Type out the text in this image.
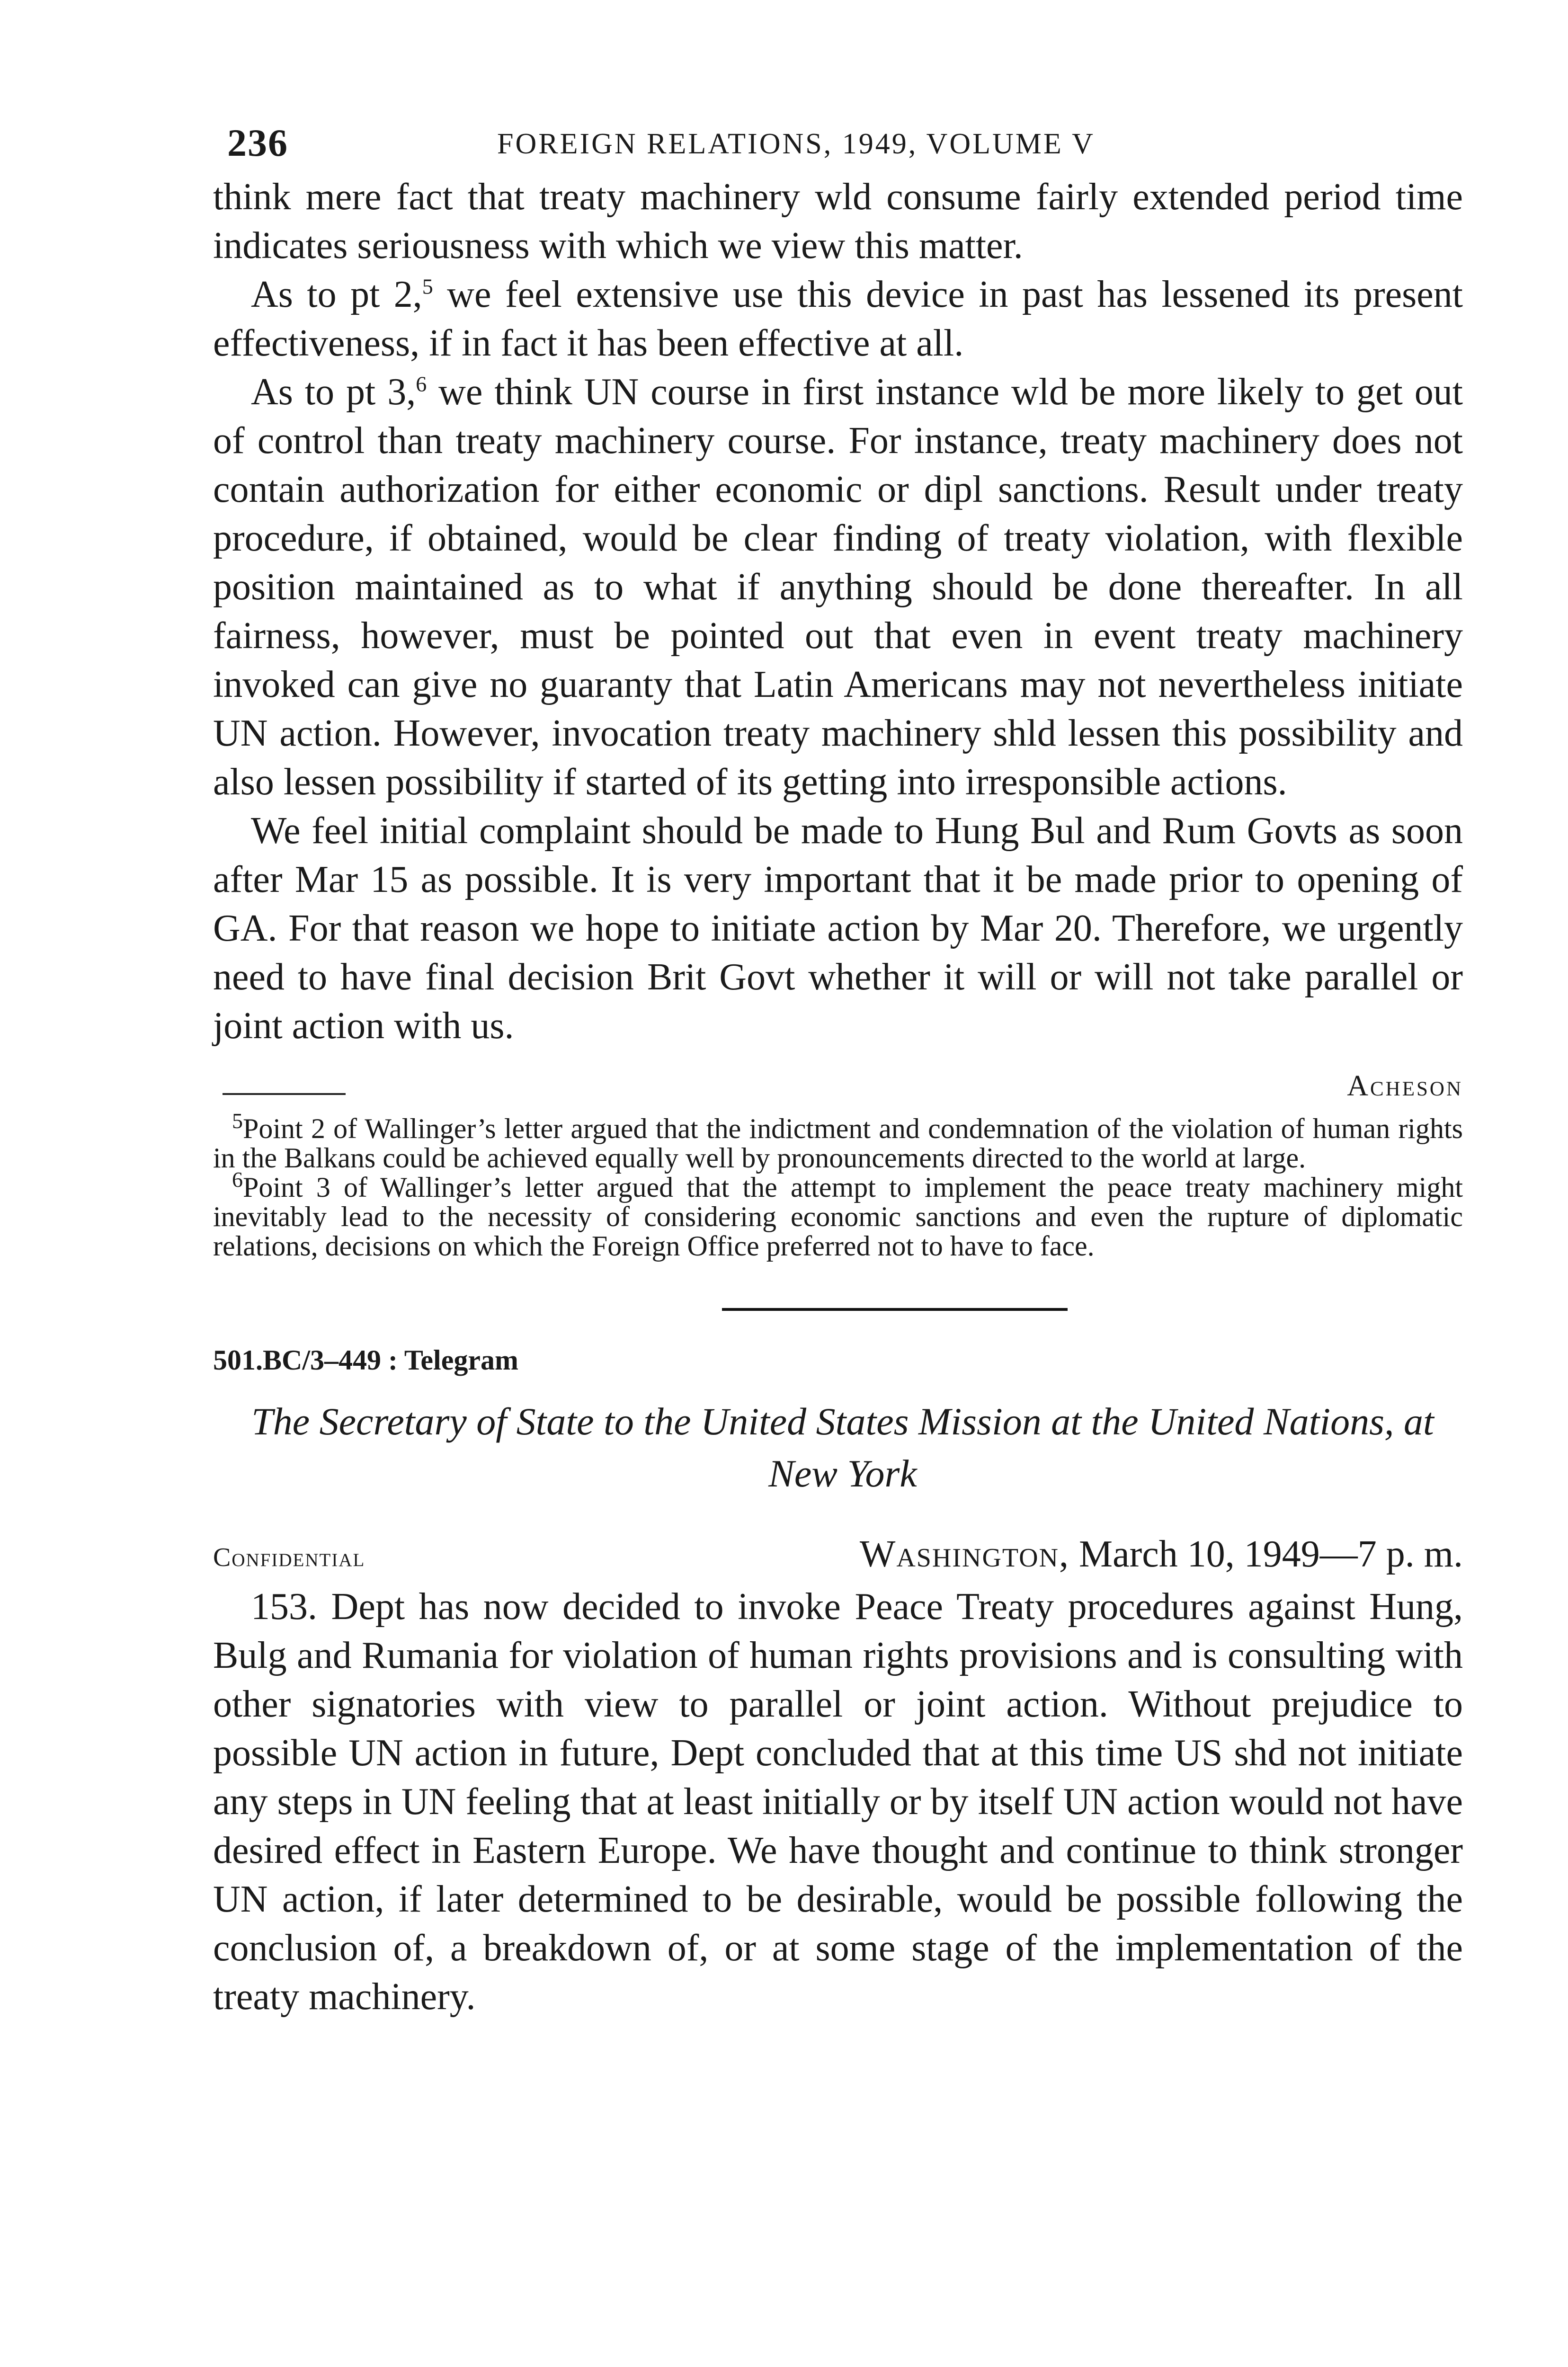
236	FOREIGN RELATIONS, 1949, VOLUME V

think mere fact that treaty machinery wld consume fairly extended period time indicates seriousness with which we view this matter.

As to pt 2,$^5$ we feel extensive use this device in past has lessened its present effectiveness, if in fact it has been effective at all.

As to pt 3,$^6$ we think UN course in first instance wld be more likely to get out of control than treaty machinery course. For instance, treaty machinery does not contain authorization for either economic or dipl sanctions. Result under treaty procedure, if obtained, would be clear finding of treaty violation, with flexible position maintained as to what if anything should be done thereafter. In all fairness, however, must be pointed out that even in event treaty machinery invoked can give no guaranty that Latin Americans may not nevertheless initiate UN action. However, invocation treaty machinery shld lessen this possibility and also lessen possibility if started of its getting into irresponsible actions.

We feel initial complaint should be made to Hung Bul and Rum Govts as soon after Mar 15 as possible. It is very important that it be made prior to opening of GA. For that reason we hope to initiate action by Mar 20. Therefore, we urgently need to have final decision Brit Govt whether it will or will not take parallel or joint action with us.

Acheson

$^5$Point 2 of Wallinger’s letter argued that the indictment and condemnation of the violation of human rights in the Balkans could be achieved equally well by pronouncements directed to the world at large.

$^6$Point 3 of Wallinger’s letter argued that the attempt to implement the peace treaty machinery might inevitably lead to the necessity of considering economic sanctions and even the rupture of diplomatic relations, decisions on which the Foreign Office preferred not to have to face.

501.BC/3–449 : Telegram
The Secretary of State to the United States Mission at the United Nations, at New York
Confidential	Washington, March 10, 1949—7 p. m.

153. Dept has now decided to invoke Peace Treaty procedures against Hung, Bulg and Rumania for violation of human rights provisions and is consulting with other signatories with view to parallel or joint action. Without prejudice to possible UN action in future, Dept concluded that at this time US shd not initiate any steps in UN feeling that at least initially or by itself UN action would not have desired effect in Eastern Europe. We have thought and continue to think stronger UN action, if later determined to be desirable, would be possible following the conclusion of, a breakdown of, or at some stage of the implementation of the treaty machinery.
